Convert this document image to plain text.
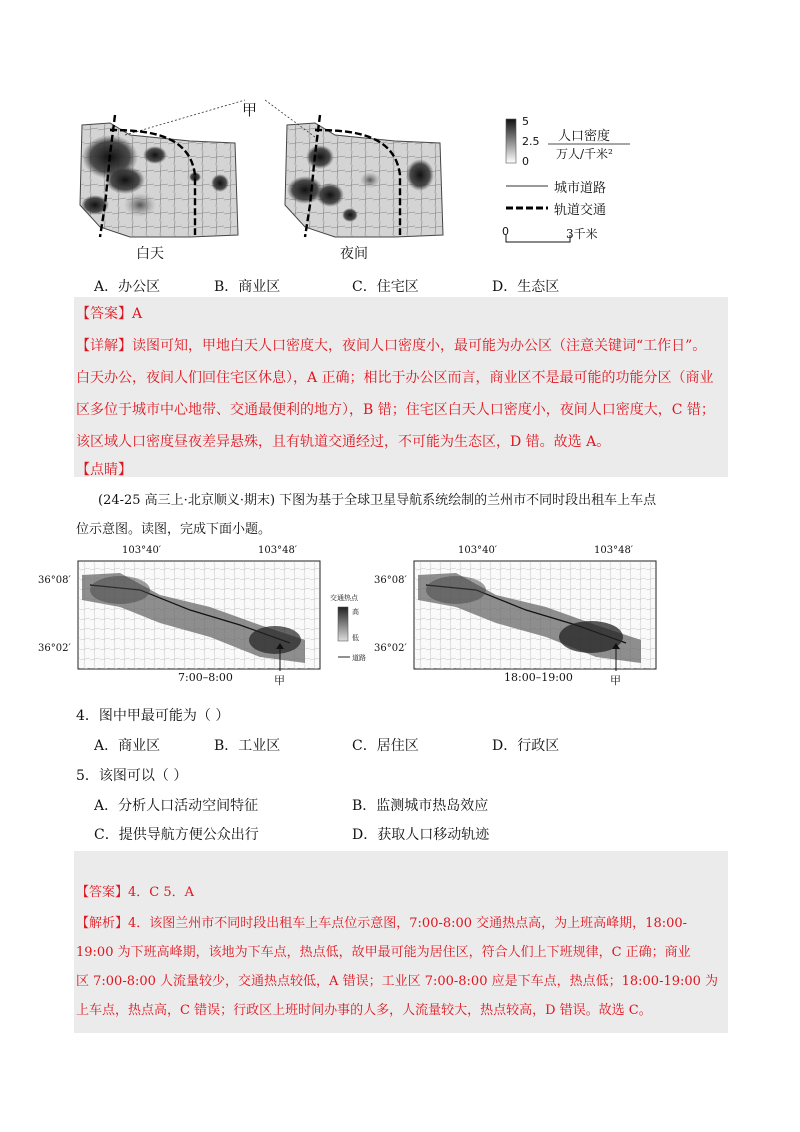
甲
白天	夜间
5
2.5
0
人口密度
万人/千米²
城市道路
轨道交通
0	3千米
A．办公区	B．商业区	C．住宅区	D．生态区
【答案】A
【详解】读图可知，甲地白天人口密度大，夜间人口密度小，最可能为办公区（注意关键词“工作日”。
白天办公，夜间人们回住宅区休息），A 正确；相比于办公区而言，商业区不是最可能的功能分区（商业
区多位于城市中心地带、交通最便利的地方），B 错；住宅区白天人口密度小，夜间人口密度大，C 错；
该区域人口密度昼夜差异悬殊，且有轨道交通经过，不可能为生态区，D 错。故选 A。
【点睛】
(24-25 高三上·北京顺义·期末) 下图为基于全球卫星导航系统绘制的兰州市不同时段出租车上车点
位示意图。读图，完成下面小题。
103°40′	103°48′
36°08′
36°02′
7:00–8:00	甲
交通热点
高
低
道路
103°40′	103°48′
36°08′
36°02′
18:00–19:00	甲
4．图中甲最可能为（ ）
A．商业区	B．工业区	C．居住区	D．行政区
5．该图可以（ ）
A．分析人口活动空间特征	B．监测城市热岛效应
C．提供导航方便公众出行	D．获取人口移动轨迹
【答案】4．C 5．A
【解析】4．该图兰州市不同时段出租车上车点位示意图，7:00-8:00 交通热点高，为上班高峰期，18:00-
19:00 为下班高峰期，该地为下车点，热点低，故甲最可能为居住区，符合人们上下班规律，C 正确；商业
区 7:00-8:00 人流量较少，交通热点较低，A 错误；工业区 7:00-8:00 应是下车点，热点低；18:00-19:00 为
上车点，热点高，C 错误；行政区上班时间办事的人多，人流量较大，热点较高，D 错误。故选 C。
